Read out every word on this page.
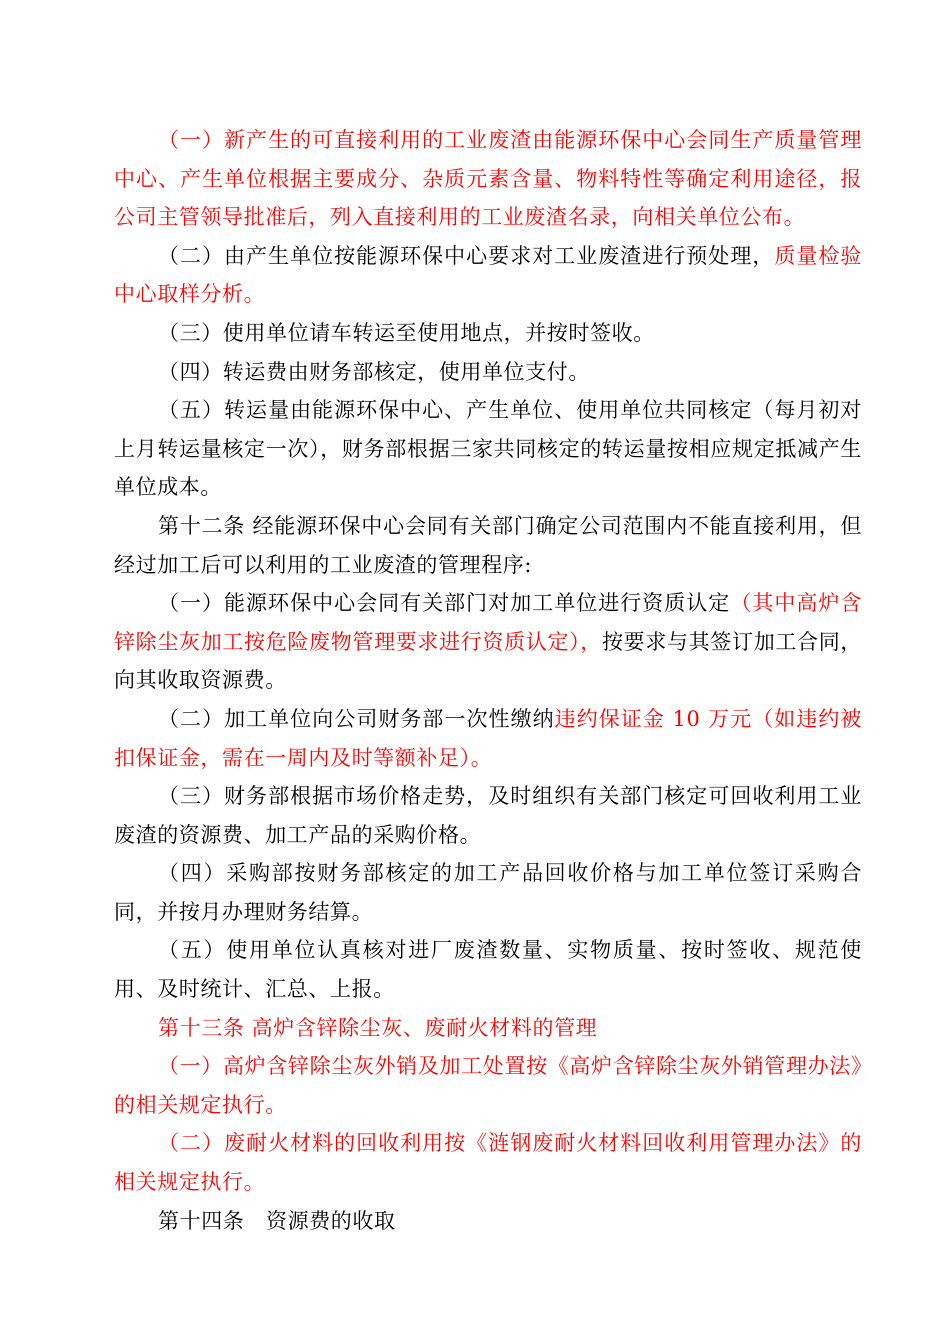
（一）新产生的可直接利用的工业废渣由能源环保中心会同生产质量管理中心、产生单位根据主要成分、杂质元素含量、物料特性等确定利用途径，报公司主管领导批准后，列入直接利用的工业废渣名录，向相关单位公布。

（二）由产生单位按能源环保中心要求对工业废渣进行预处理，质量检验中心取样分析。

（三）使用单位请车转运至使用地点，并按时签收。

（四）转运费由财务部核定，使用单位支付。

（五）转运量由能源环保中心、产生单位、使用单位共同核定（每月初对上月转运量核定一次），财务部根据三家共同核定的转运量按相应规定抵减产生单位成本。

第十二条 经能源环保中心会同有关部门确定公司范围内不能直接利用，但经过加工后可以利用的工业废渣的管理程序:

（一）能源环保中心会同有关部门对加工单位进行资质认定（其中高炉含锌除尘灰加工按危险废物管理要求进行资质认定），按要求与其签订加工合同，向其收取资源费。

（二）加工单位向公司财务部一次性缴纳违约保证金 10 万元（如违约被扣保证金，需在一周内及时等额补足）。

（三）财务部根据市场价格走势，及时组织有关部门核定可回收利用工业废渣的资源费、加工产品的采购价格。

（四）采购部按财务部核定的加工产品回收价格与加工单位签订采购合同，并按月办理财务结算。

（五）使用单位认真核对进厂废渣数量、实物质量、按时签收、规范使用、及时统计、汇总、上报。

第十三条 高炉含锌除尘灰、废耐火材料的管理

（一）高炉含锌除尘灰外销及加工处置按《高炉含锌除尘灰外销管理办法》的相关规定执行。

（二）废耐火材料的回收利用按《涟钢废耐火材料回收利用管理办法》的相关规定执行。

第十四条　资源费的收取
